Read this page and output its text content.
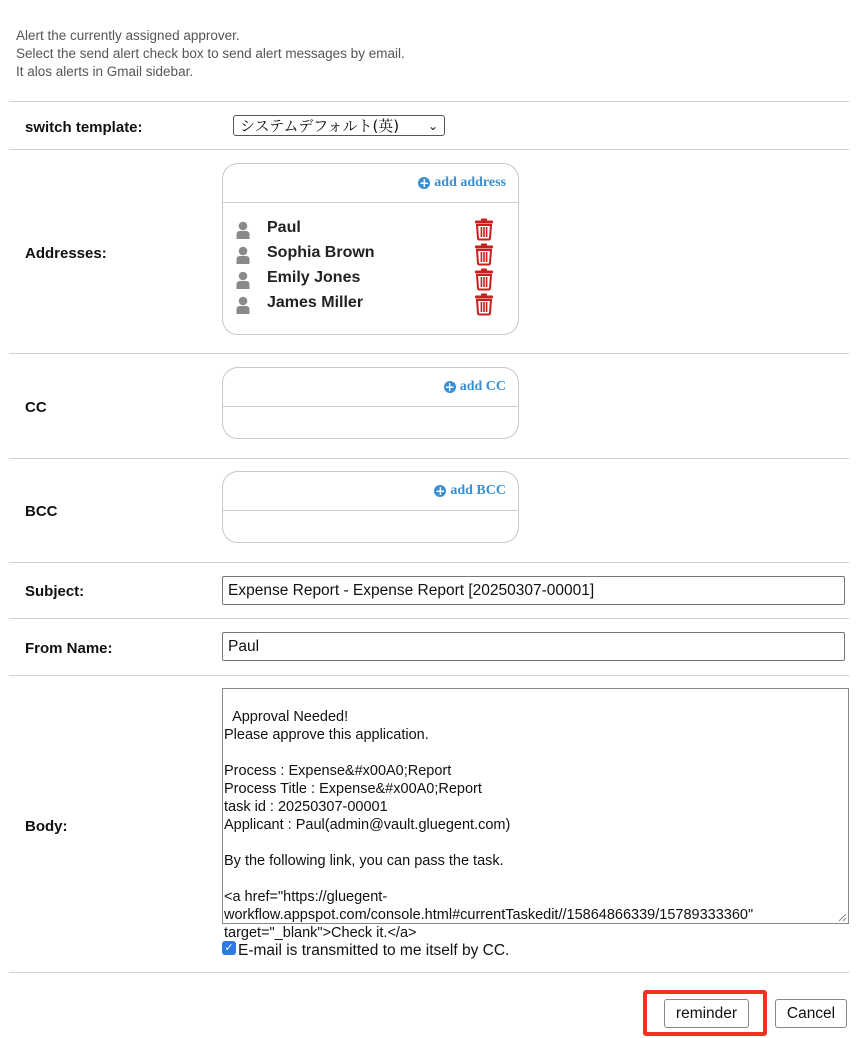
Alert the currently assigned approver.
Select the send alert check box to send alert messages by email.
It alos alerts in Gmail sidebar.
switch template:	システムデフォルト(英) ⌄
Addresses:
+ add address
Paul
Sophia Brown
Emily Jones
James Miller
CC
+ add CC
BCC
+ add BCC
Subject:	Expense Report - Expense Report [20250307-00001]
From Name:	Paul
Body:

Approval Needed!
Please approve this application.

Process : Expense&#x00A0;Report
Process Title : Expense&#x00A0;Report
task id : 20250307-00001
Applicant : Paul(admin@vault.gluegent.com)

By the following link, you can pass the task.

<a href="https://gluegent-
workflow.appspot.com/console.html#currentTaskedit//15864866339/15789333360"
target="_blank">Check it.</a>

✓ E-mail is transmitted to me itself by CC.
reminder	Cancel
